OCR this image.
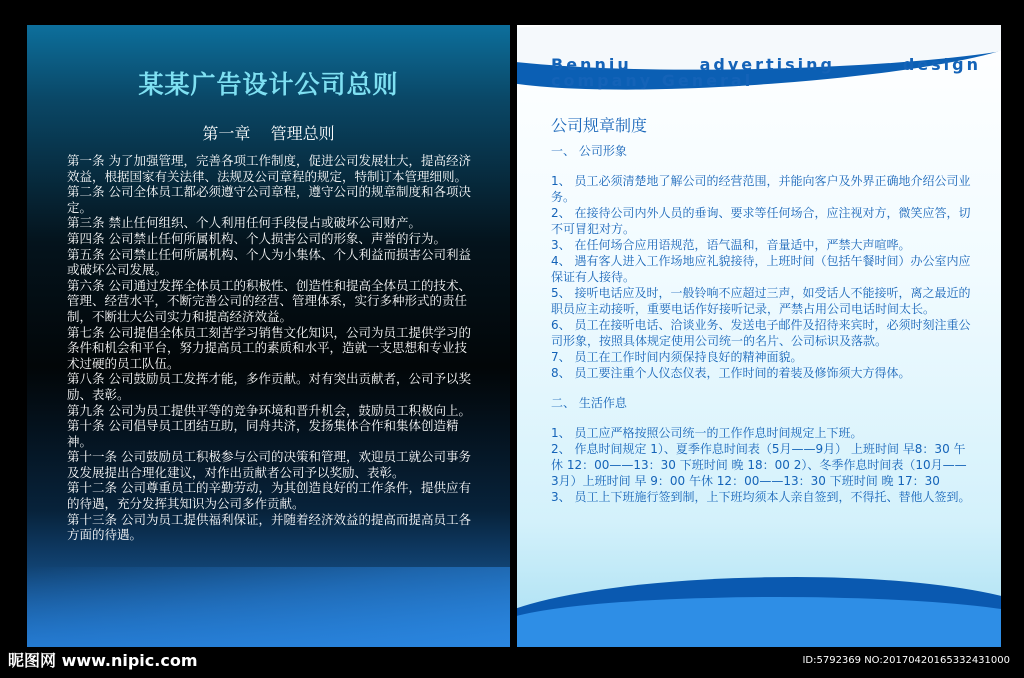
某某广告设计公司总则
第一章    管理总则

第一条 为了加强管理，完善各项工作制度，促进公司发展壮大，提高经济效益，根据国家有关法律、法规及公司章程的规定，特制订本管理细则。

第二条 公司全体员工都必须遵守公司章程，遵守公司的规章制度和各项决定。

第三条 禁止任何组织、个人利用任何手段侵占或破坏公司财产。

第四条 公司禁止任何所属机构、个人损害公司的形象、声誉的行为。

第五条 公司禁止任何所属机构、个人为小集体、个人利益而损害公司利益或破坏公司发展。

第六条 公司通过发挥全体员工的积极性、创造性和提高全体员工的技术、管理、经营水平，不断完善公司的经营、管理体系，实行多种形式的责任制，不断壮大公司实力和提高经济效益。

第七条 公司提倡全体员工刻苦学习销售文化知识，公司为员工提供学习的条件和机会和平台，努力提高员工的素质和水平，造就一支思想和专业技术过硬的员工队伍。

第八条 公司鼓励员工发挥才能，多作贡献。对有突出贡献者，公司予以奖励、表彰。

第九条 公司为员工提供平等的竞争环境和晋升机会，鼓励员工积极向上。

第十条 公司倡导员工团结互助，同舟共济，发扬集体合作和集体创造精神。

第十一条 公司鼓励员工积极参与公司的决策和管理，欢迎员工就公司事务及发展提出合理化建议，对作出贡献者公司予以奖励、表彰。

第十二条 公司尊重员工的辛勤劳动，为其创造良好的工作条件，提供应有的待遇，充分发挥其知识为公司多作贡献。

第十三条 公司为员工提供福利保证，并随着经济效益的提高而提高员工各方面的待遇。

Benniu	advertising	design
company General
公司规章制度

一、 公司形象

1、 员工必须清楚地了解公司的经营范围，并能向客户及外界正确地介绍公司业务。

2、 在接待公司内外人员的垂询、要求等任何场合，应注视对方，微笑应答，切不可冒犯对方。

3、 在任何场合应用语规范，语气温和，音量适中，严禁大声喧哗。

4、 遇有客人进入工作场地应礼貌接待，上班时间（包括午餐时间）办公室内应保证有人接待。

5、 接听电话应及时，一般铃响不应超过三声，如受话人不能接听，离之最近的职员应主动接听，重要电话作好接听记录，严禁占用公司电话时间太长。

6、 员工在接听电话、洽谈业务、发送电子邮件及招待来宾时，必须时刻注重公司形象，按照具体规定使用公司统一的名片、公司标识及落款。

7、 员工在工作时间内须保持良好的精神面貌。

8、 员工要注重个人仪态仪表，工作时间的着装及修饰须大方得体。

二、 生活作息

1、 员工应严格按照公司统一的工作作息时间规定上下班。

2、 作息时间规定 1）、夏季作息时间表（5月——9月） 上班时间 早8：30 午休 12：00——13：30 下班时间 晚 18：00 2）、冬季作息时间表（10月——3月）上班时间 早 9：00 午休 12：00——13：30 下班时间 晚 17：30

3、 员工上下班施行签到制，上下班均须本人亲自签到，不得托、替他人签到。

昵图网 www.nipic.com	ID:5792369 NO:20170420165332431000
